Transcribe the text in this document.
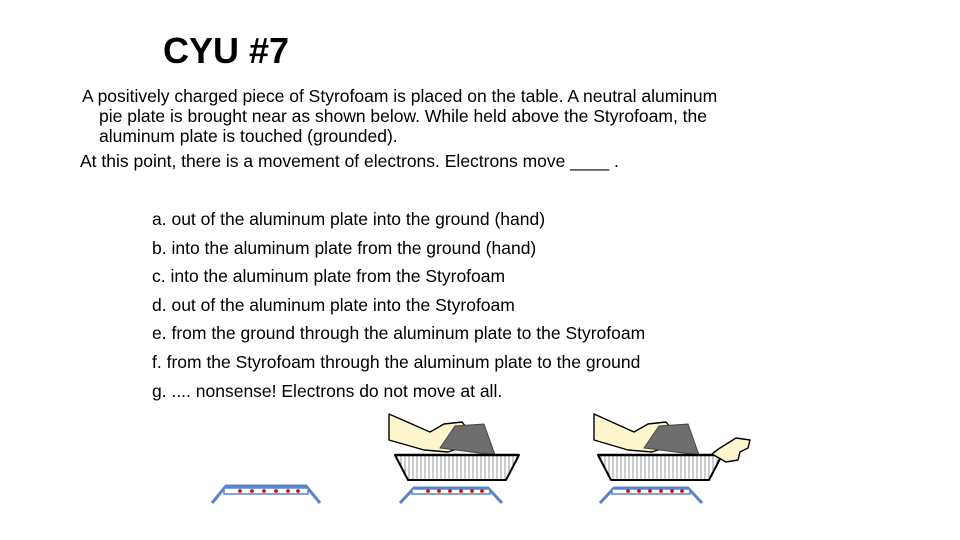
CYU #7
A positively charged piece of Styrofoam is placed on the table. A neutral aluminum
pie plate is brought near as shown below. While held above the Styrofoam, the
aluminum plate is touched (grounded).
At this point, there is a movement of electrons. Electrons move ____ .
a. out of the aluminum plate into the ground (hand)
b. into the aluminum plate from the ground (hand)
c. into the aluminum plate from the Styrofoam
d. out of the aluminum plate into the Styrofoam
e. from the ground through the aluminum plate to the Styrofoam
f. from the Styrofoam through the aluminum plate to the ground
g. .... nonsense! Electrons do not move at all.
